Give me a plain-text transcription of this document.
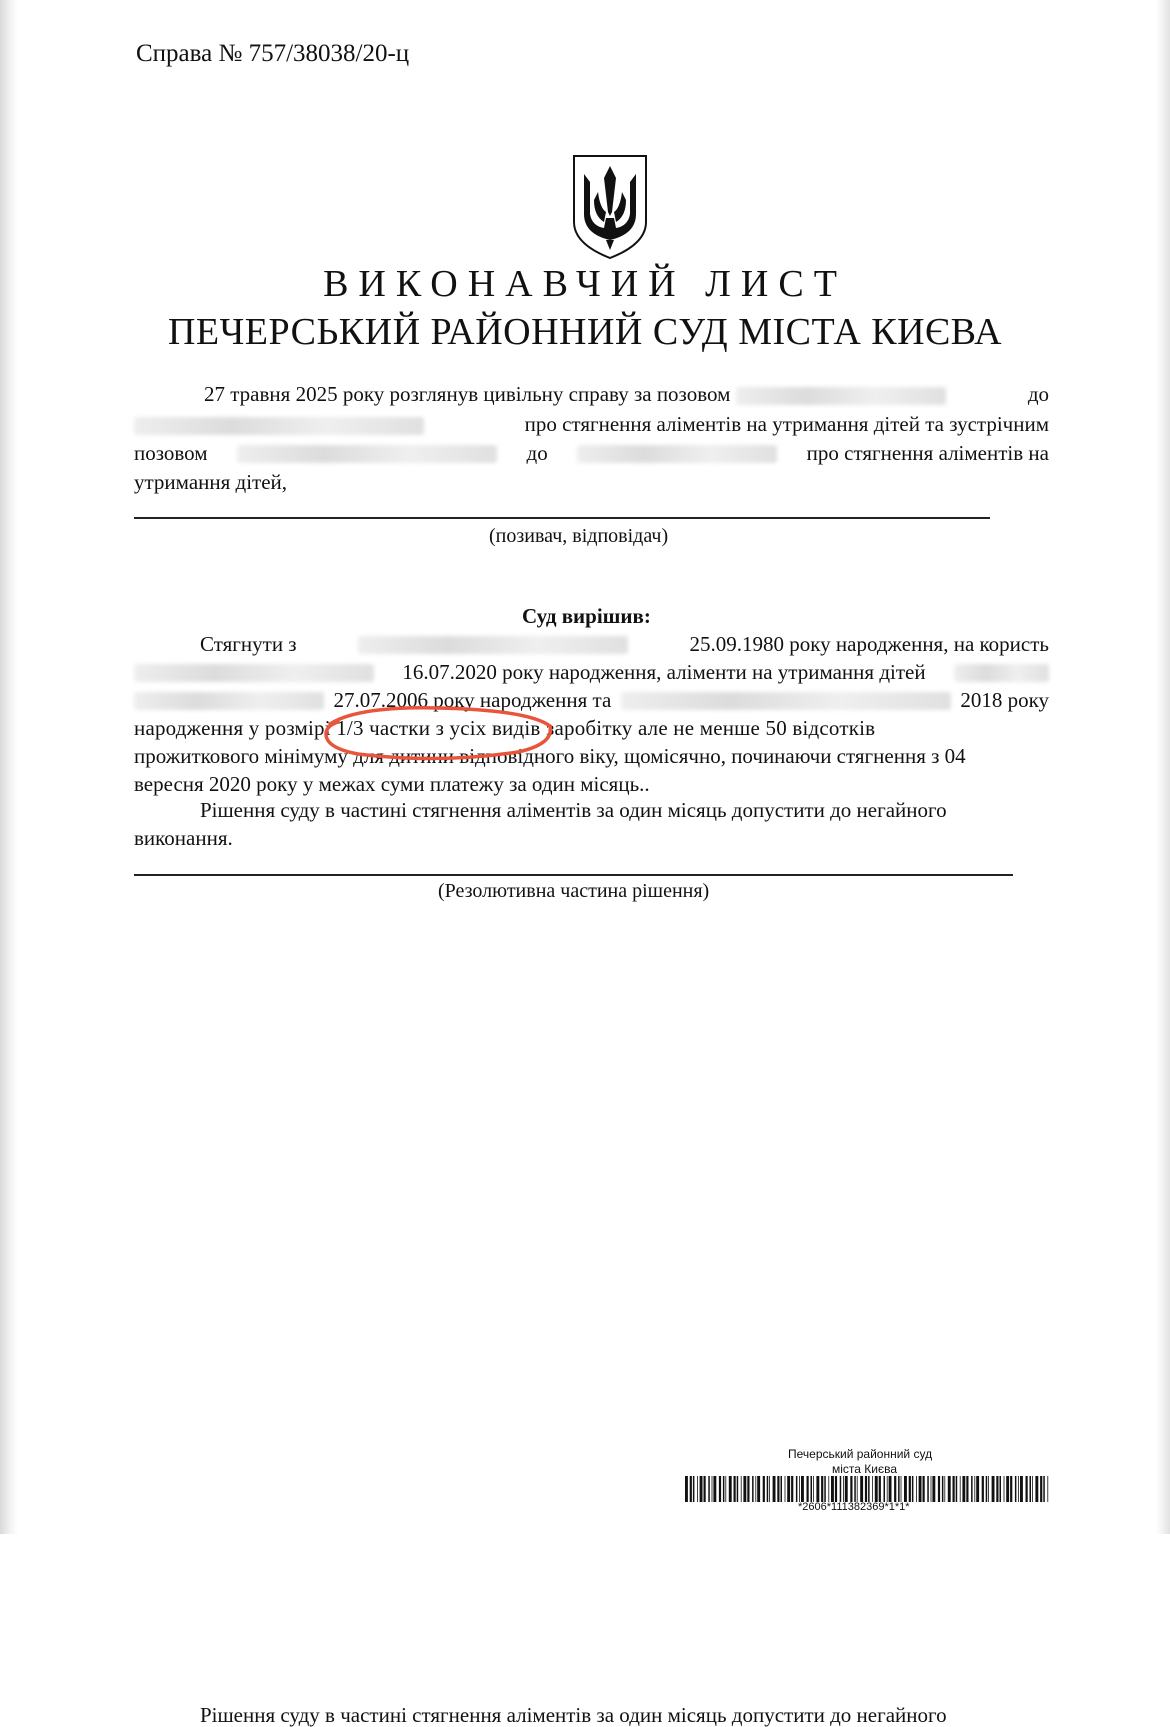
Справа № 757/38038/20-ц
ВИКОНАВЧИЙ ЛИСТ
ПЕЧЕРСЬКИЙ РАЙОННИЙ СУД МІСТА КИЄВА
27 травня 2025 року розглянув цивільну справу за позовом	до
про стягнення аліментів на утримання дітей та зустрічним
позовом	до	про стягнення аліментів на
утримання дітей,
(позивач, відповідач)
Суд вирішив:
Стягнути з	25.09.1980 року народження, на користь
16.07.2020 року народження, аліменти на утримання дітей
27.07.2006 року народження та	2018 року
народження у розмірі 1/3 частки з усіх видів заробітку але не менше 50 відсотків
прожиткового мінімуму для дитини відповідного віку, щомісячно, починаючи стягнення з 04
вересня 2020 року у межах суми платежу за один місяць..
Рішення суду в частині стягнення аліментів за один місяць допустити до негайного
виконання.
(Резолютивна частина рішення)
Рішення суду в частині стягнення аліментів за один місяць допустити до негайного
Печерський районний суд
міста Києва
*2606*111382369*1*1*
